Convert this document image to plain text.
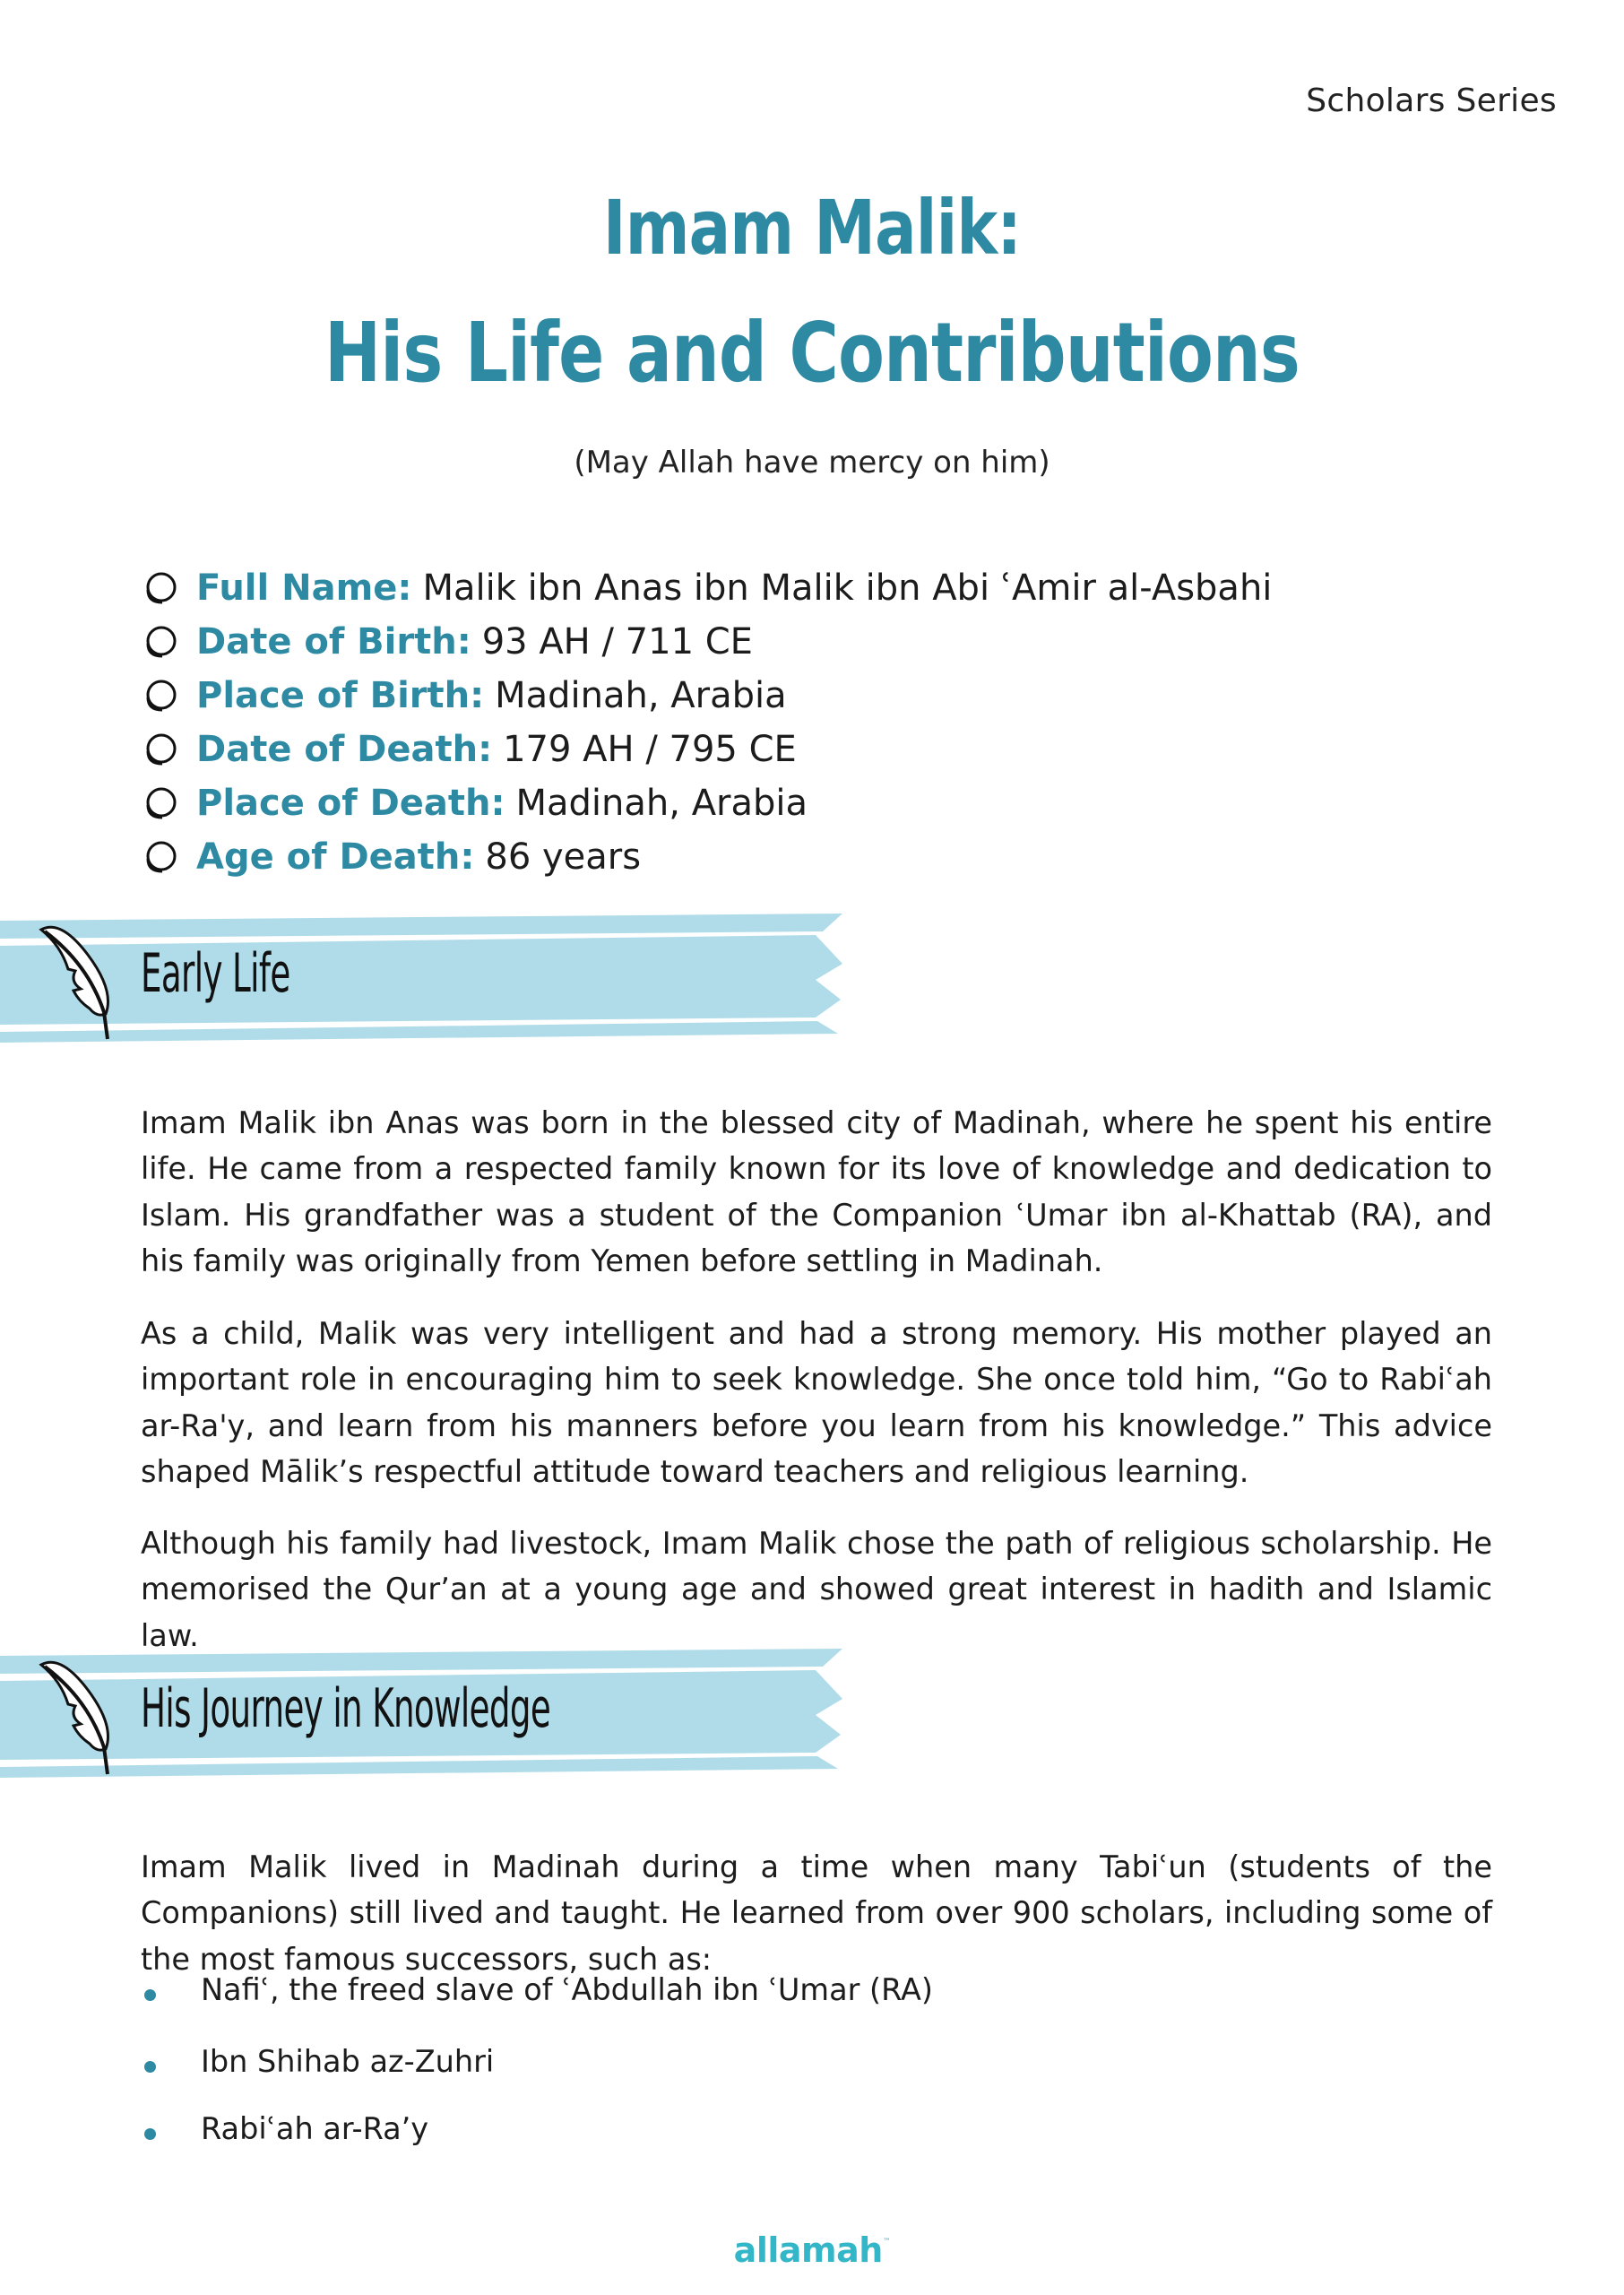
Scholars Series
Imam Malik:
His Life and Contributions
(May Allah have mercy on him)
Full Name: Malik ibn Anas ibn Malik ibn Abi ʿAmir al-Asbahi
Date of Birth: 93 AH / 711 CE
Place of Birth: Madinah, Arabia
Date of Death: 179 AH / 795 CE
Place of Death: Madinah, Arabia
Age of Death: 86 years
Early Life

Imam Malik ibn Anas was born in the blessed city of Madinah, where he spent his entire life. He came from a respected family known for its love of knowledge and dedication to Islam. His grandfather was a student of the Companion ʿUmar ibn al-Khattab (RA), and his family was originally from Yemen before settling in Madinah.

As a child, Malik was very intelligent and had a strong memory. His mother played an important role in encouraging him to seek knowledge. She once told him, “Go to Rabiʿah ar-Ra'y, and learn from his manners before you learn from his knowledge.” This advice shaped Mālik’s respectful attitude toward teachers and religious learning.

Although his family had livestock, Imam Malik chose the path of religious scholarship. He memorised the Qur’an at a young age and showed great interest in hadith and Islamic law.

His Journey in Knowledge

Imam Malik lived in Madinah during a time when many Tabiʿun (students of the Companions) still lived and taught. He learned from over 900 scholars, including some of the most famous successors, such as:

Nafiʿ, the freed slave of ʿAbdullah ibn ʿUmar (RA)
Ibn Shihab az-Zuhri
Rabiʿah ar-Ra’y
allamah™
